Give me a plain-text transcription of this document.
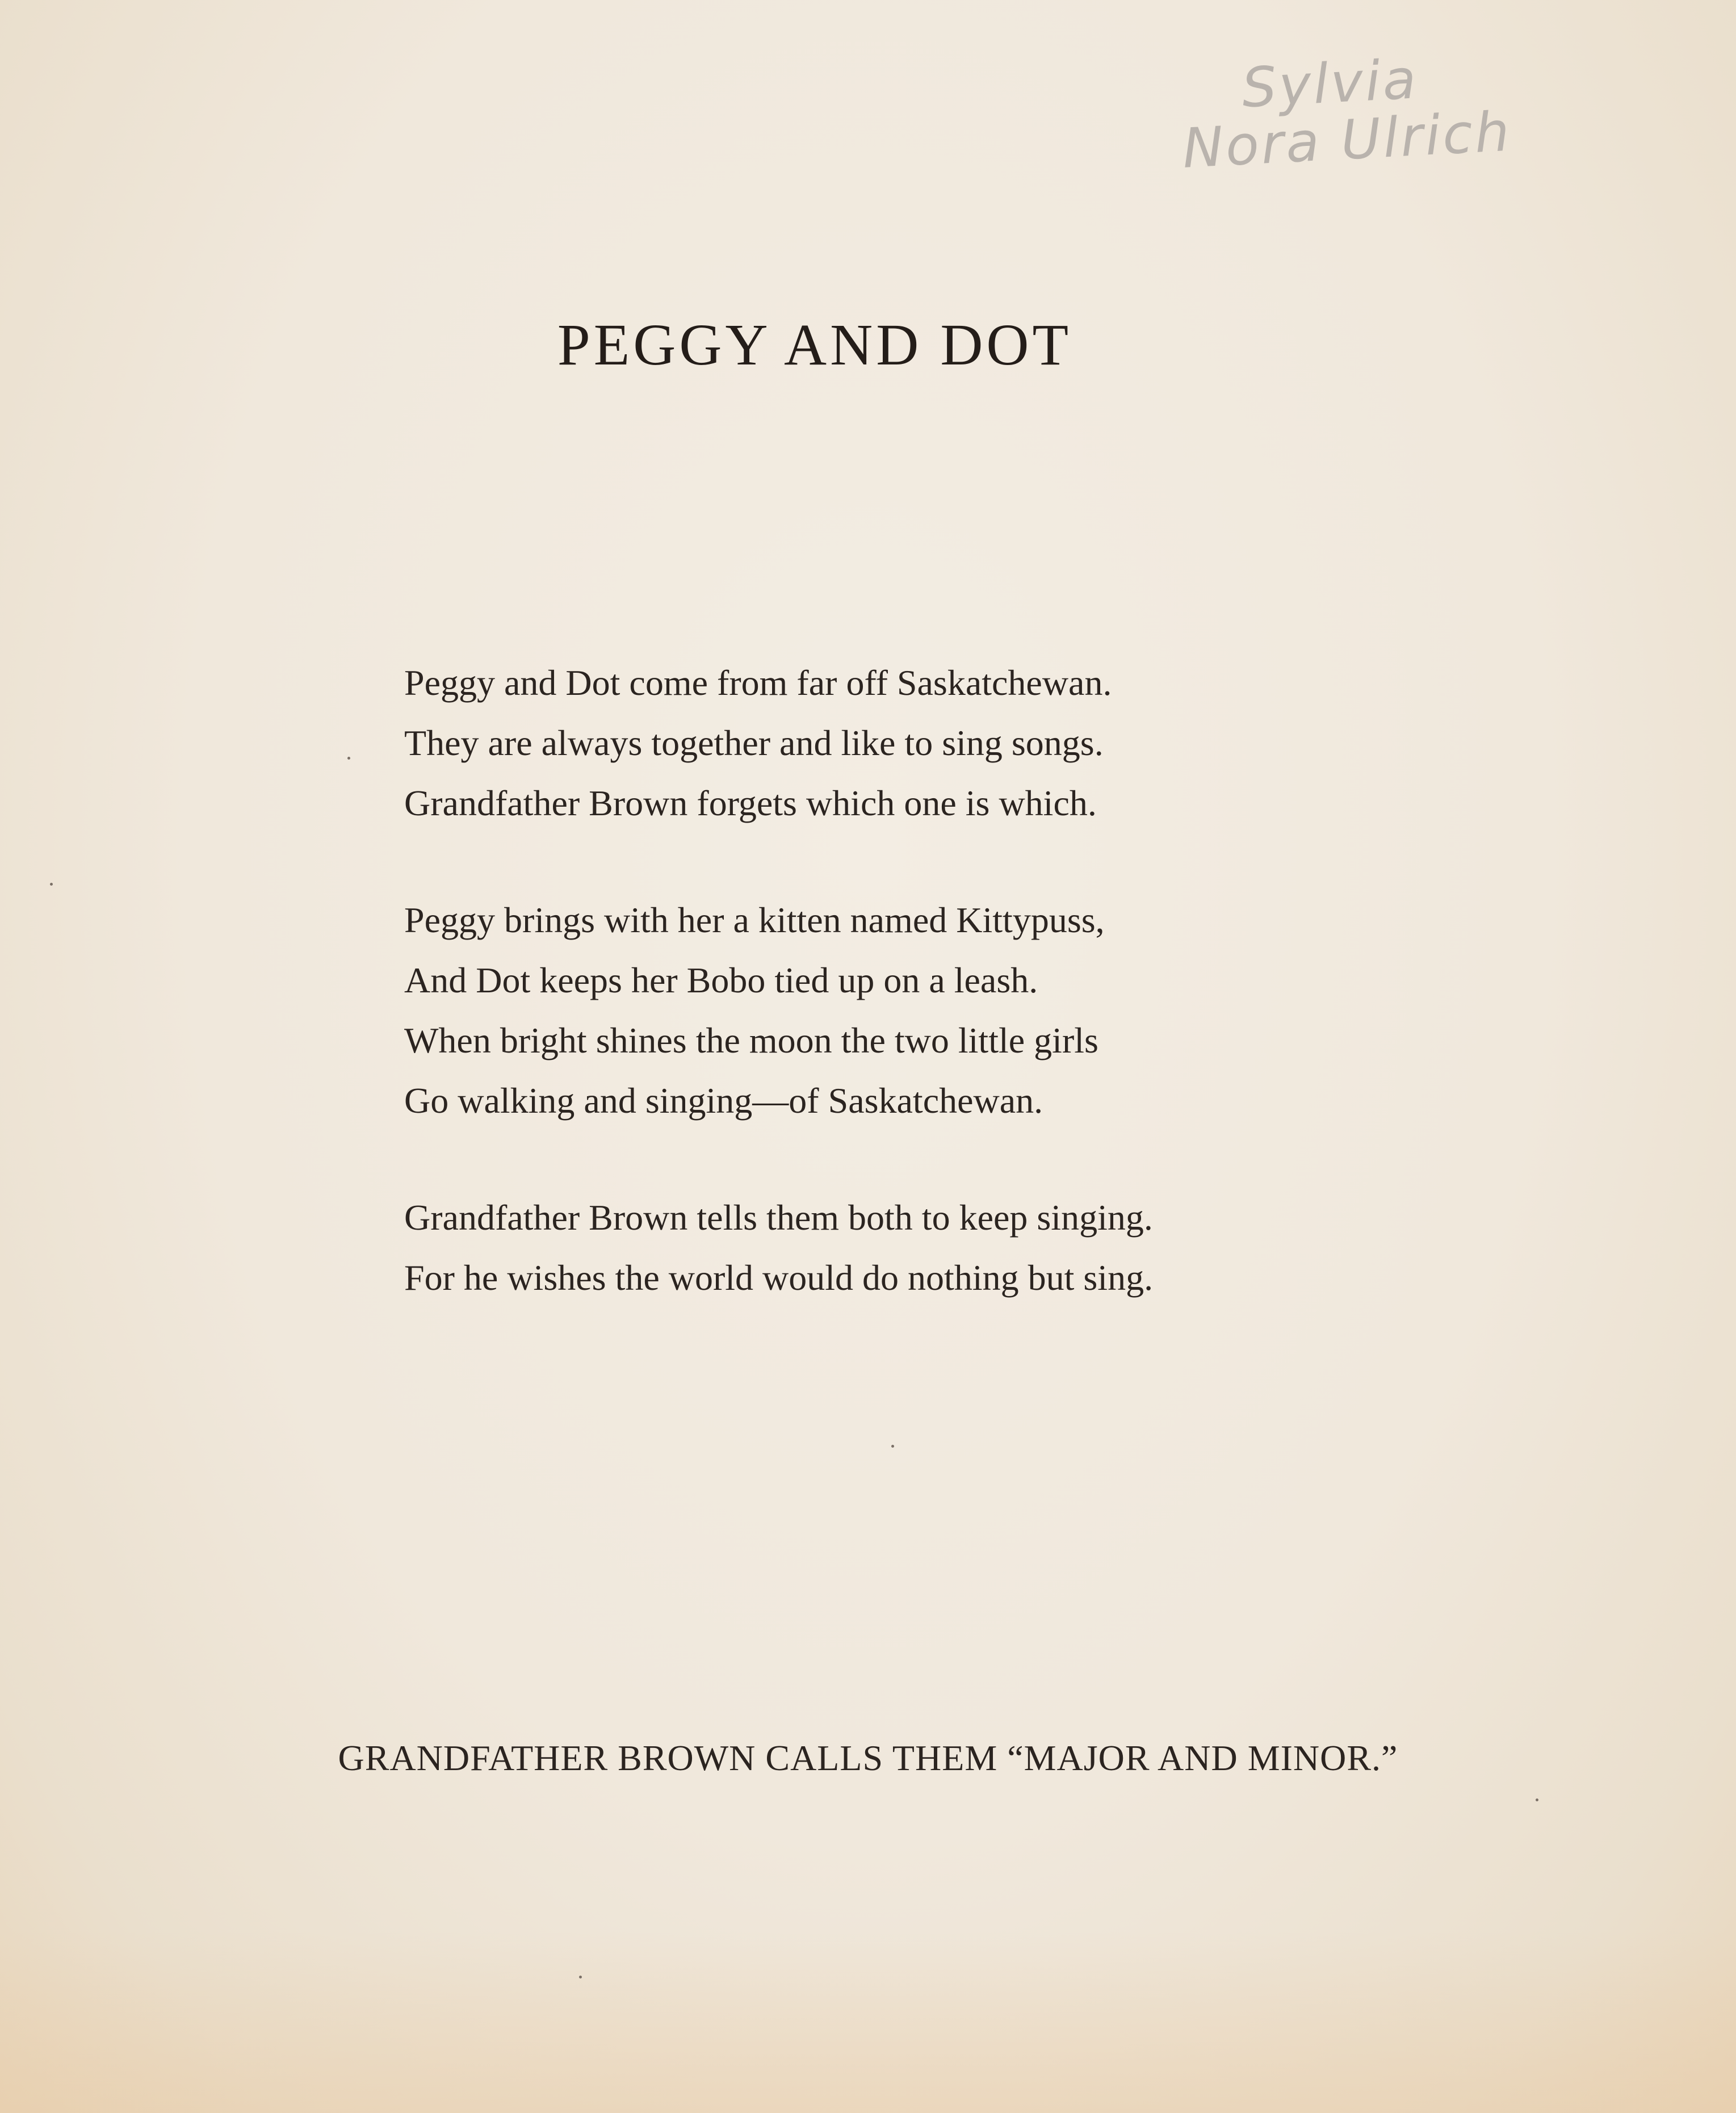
Sylvia
Nora Ulrich
PEGGY AND DOT
Peggy and Dot come from far off Saskatchewan.
They are always together and like to sing songs.
Grandfather Brown forgets which one is which.
Peggy brings with her a kitten named Kittypuss,
And Dot keeps her Bobo tied up on a leash.
When bright shines the moon the two little girls
Go walking and singing—of Saskatchewan.
Grandfather Brown tells them both to keep singing.
For he wishes the world would do nothing but sing.
GRANDFATHER BROWN CALLS THEM “MAJOR AND MINOR.”
